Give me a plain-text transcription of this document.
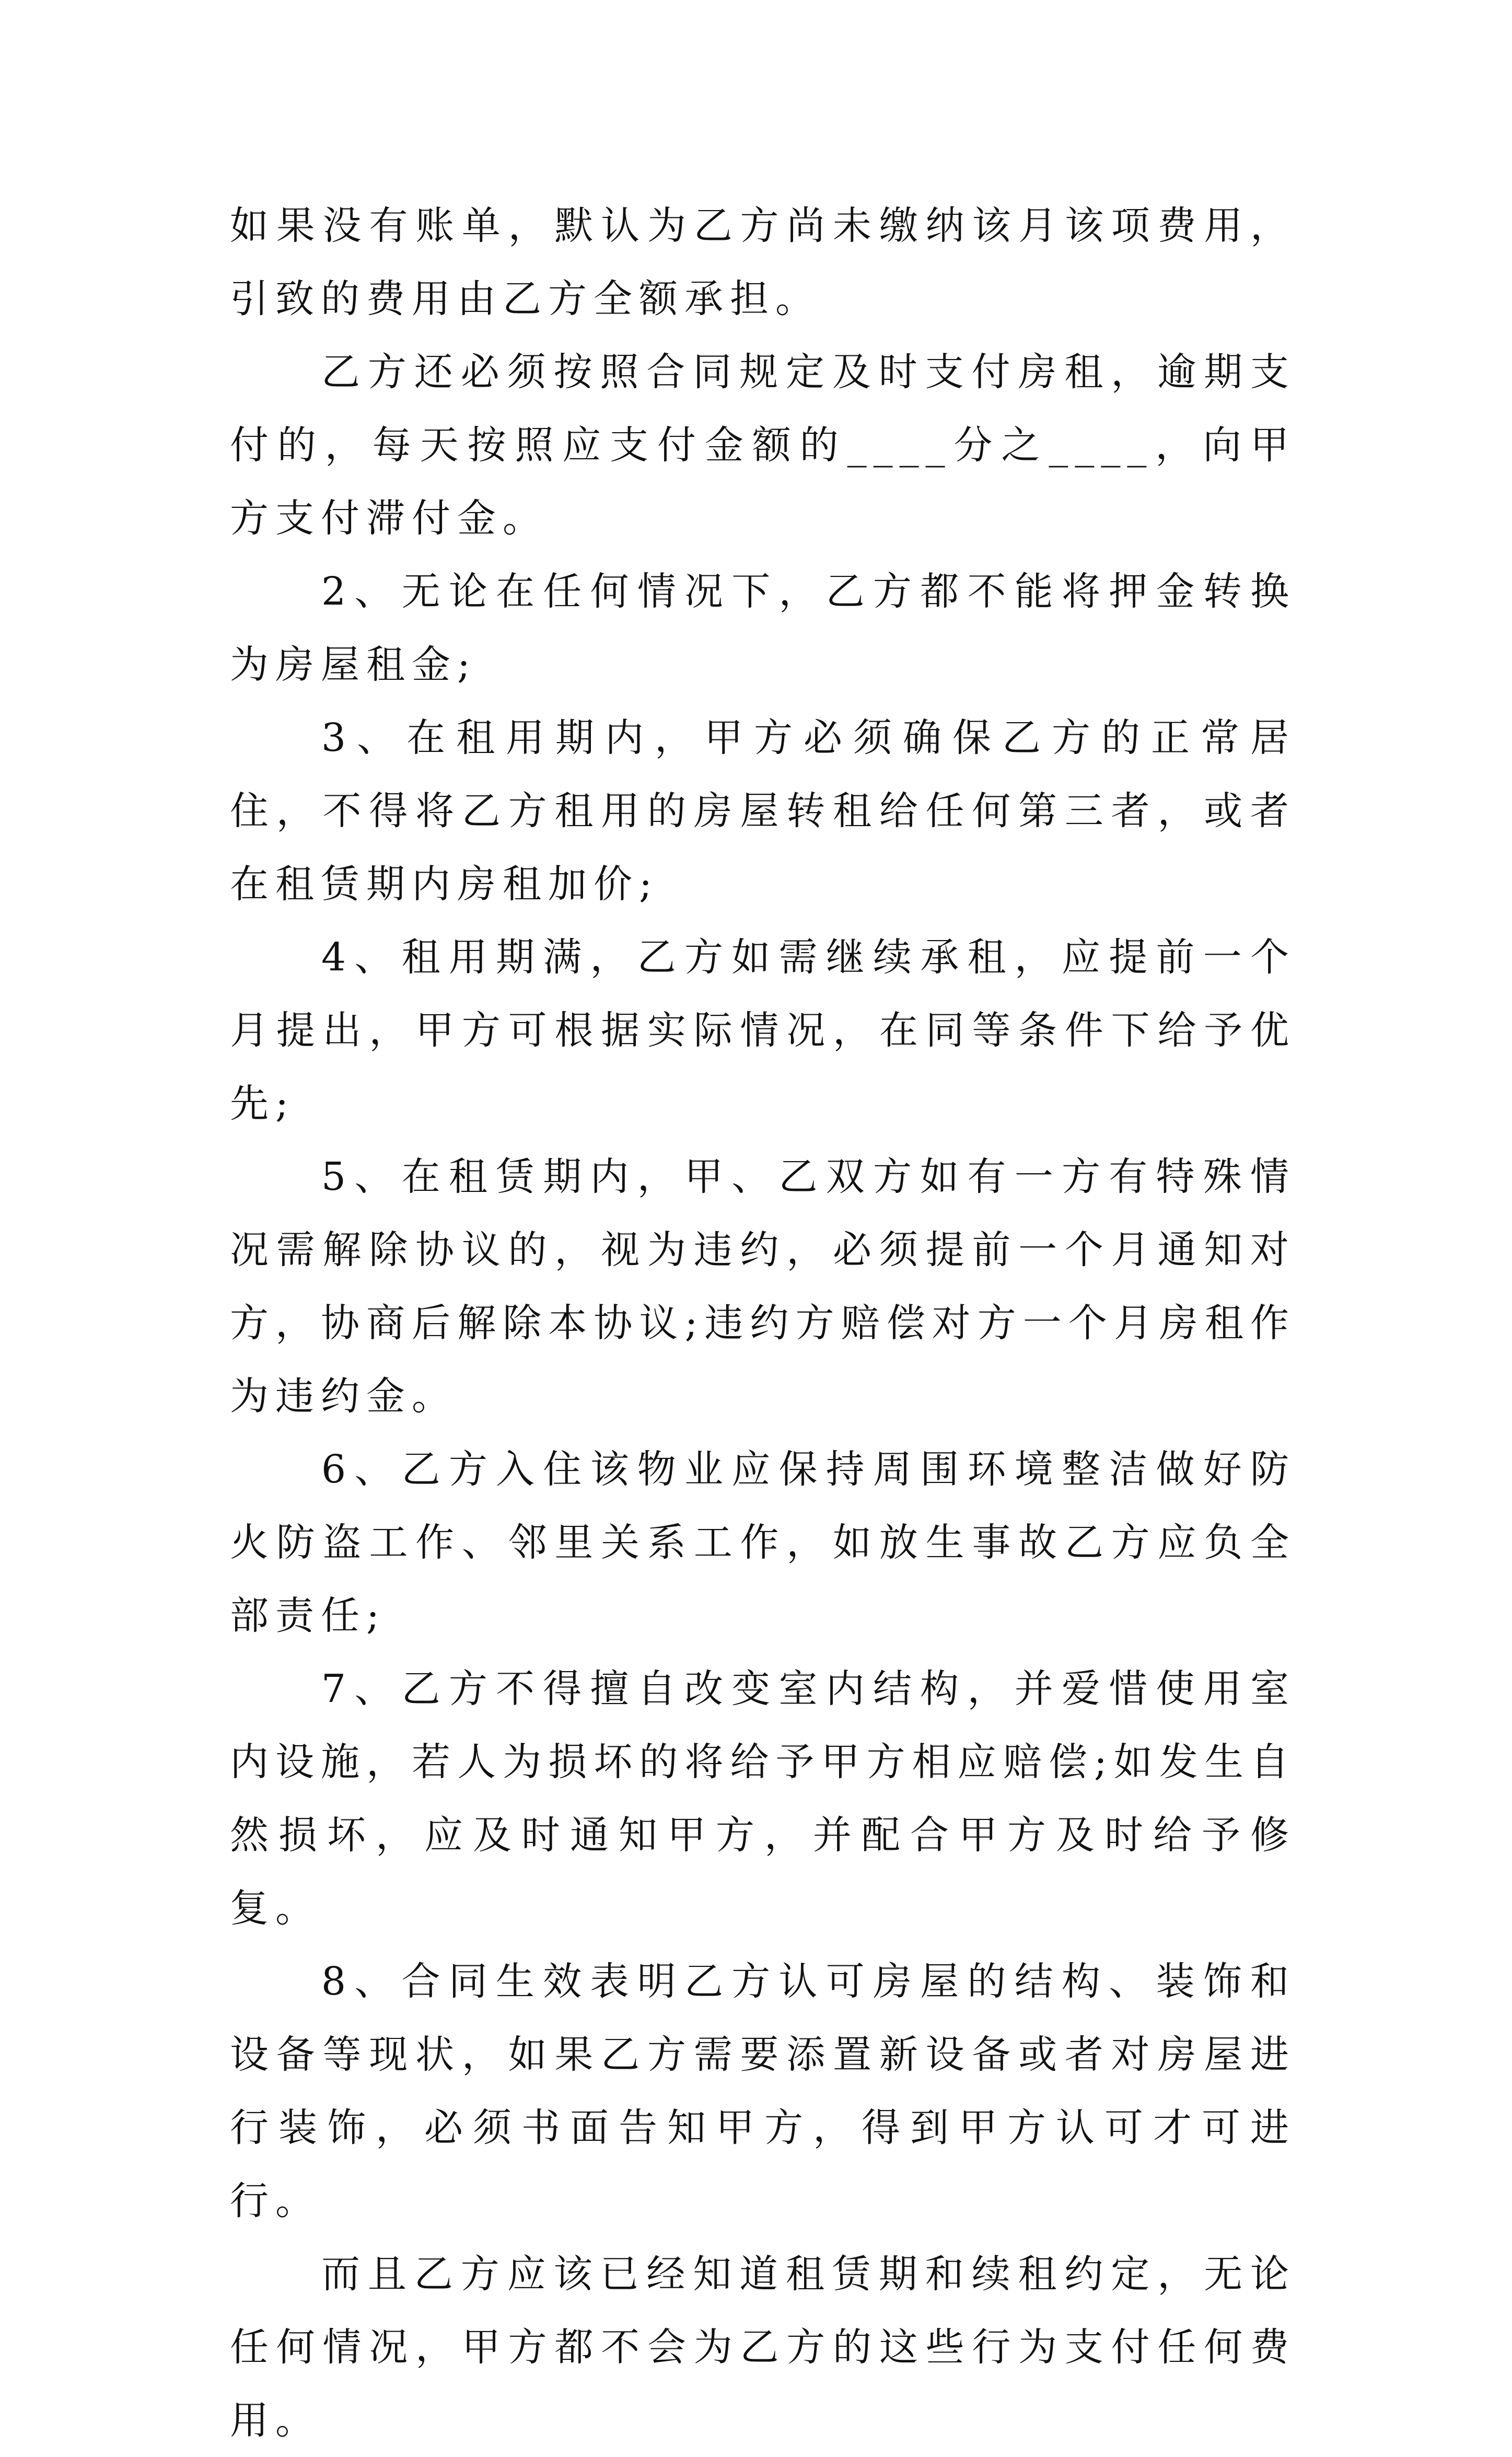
如果没有账单，默认为乙方尚未缴纳该月该项费用，引致的费用由乙方全额承担。

乙方还必须按照合同规定及时支付房租，逾期支付的，每天按照应支付金额的____分之____，向甲方支付滞付金。

2、无论在任何情况下，乙方都不能将押金转换为房屋租金;

3、在租用期内，甲方必须确保乙方的正常居住，不得将乙方租用的房屋转租给任何第三者，或者在租赁期内房租加价;

4、租用期满，乙方如需继续承租，应提前一个月提出，甲方可根据实际情况，在同等条件下给予优先;

5、在租赁期内，甲、乙双方如有一方有特殊情况需解除协议的，视为违约，必须提前一个月通知对方，协商后解除本协议;违约方赔偿对方一个月房租作为违约金。

6、乙方入住该物业应保持周围环境整洁做好防火防盗工作、邻里关系工作，如放生事故乙方应负全部责任;

7、乙方不得擅自改变室内结构，并爱惜使用室内设施，若人为损坏的将给予甲方相应赔偿;如发生自然损坏，应及时通知甲方，并配合甲方及时给予修复。

8、合同生效表明乙方认可房屋的结构、装饰和设备等现状，如果乙方需要添置新设备或者对房屋进行装饰，必须书面告知甲方，得到甲方认可才可进行。

而且乙方应该已经知道租赁期和续租约定，无论任何情况，甲方都不会为乙方的这些行为支付任何费用。
